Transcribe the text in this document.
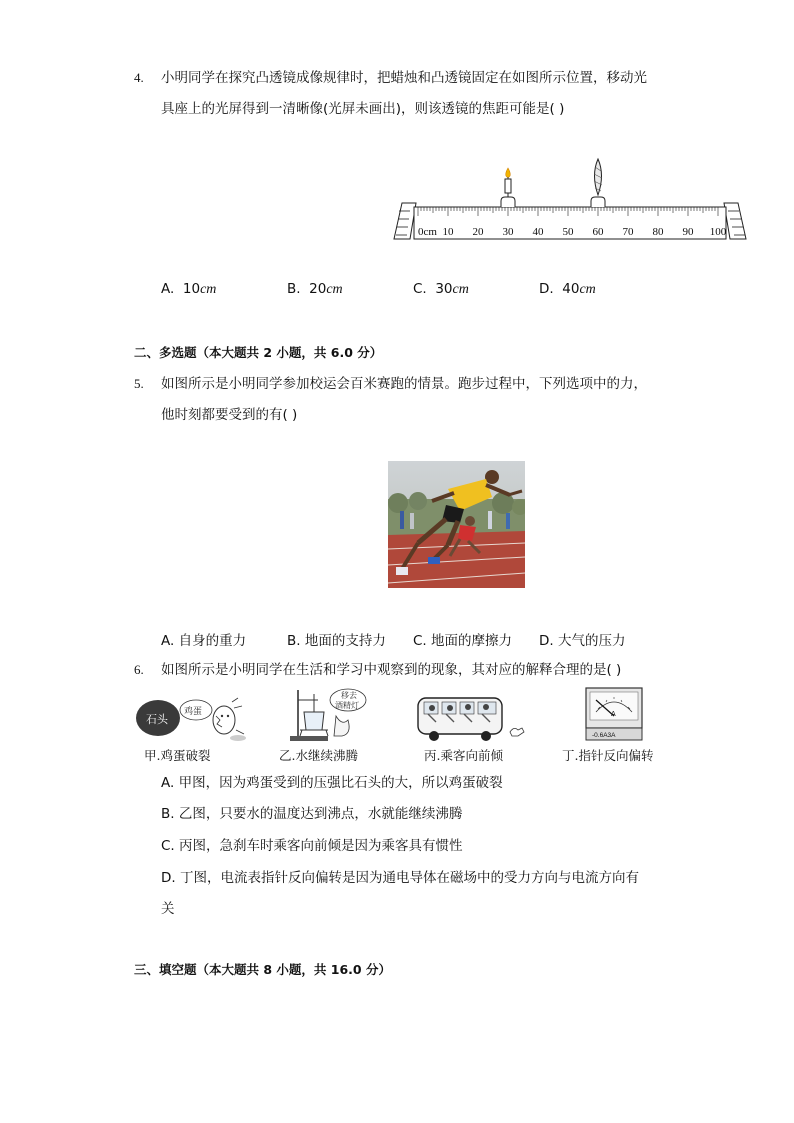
4. 小明同学在探究凸透镜成像规律时，把蜡烛和凸透镜固定在如图所示位置，移动光
具座上的光屏得到一清晰像(光屏未画出)，则该透镜的焦距可能是( )
0cm 10 20 30 40 50 60 70 80 90 100
A. 10cm	B. 20cm	C. 30cm	D. 40cm
二、多选题（本大题共 2 小题，共 6.0 分）
5. 如图所示是小明同学参加校运会百米赛跑的情景。跑步过程中，下列选项中的力，
他时刻都要受到的有( )
A. 自身的重力	B. 地面的支持力 C. 地面的摩擦力 D. 大气的压力
6. 如图所示是小明同学在生活和学习中观察到的现象，其对应的解释合理的是( )
石头
鸡蛋
甲.鸡蛋破裂
移去
酒精灯
乙.水继续沸腾	丙.乘客向前倾
A
-0.6A3A
丁.指针反向偏转
A. 甲图，因为鸡蛋受到的压强比石头的大，所以鸡蛋破裂
B. 乙图，只要水的温度达到沸点，水就能继续沸腾
C. 丙图，急刹车时乘客向前倾是因为乘客具有惯性
D. 丁图，电流表指针反向偏转是因为通电导体在磁场中的受力方向与电流方向有
关
三、填空题（本大题共 8 小题，共 16.0 分）
